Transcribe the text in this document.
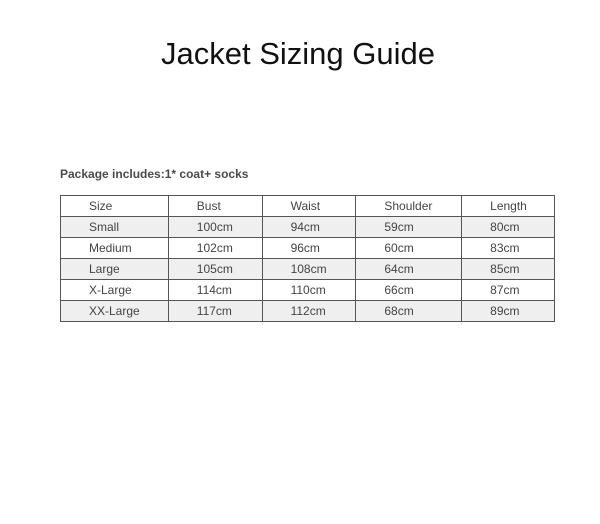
Jacket Sizing Guide

Package includes:1* coat+ socks

Size	Bust	Waist	Shoulder	Length
Small	100cm	94cm	59cm	80cm
Medium	102cm	96cm	60cm	83cm
Large	105cm	108cm	64cm	85cm
X-Large	114cm	110cm	66cm	87cm
XX-Large	117cm	112cm	68cm	89cm
